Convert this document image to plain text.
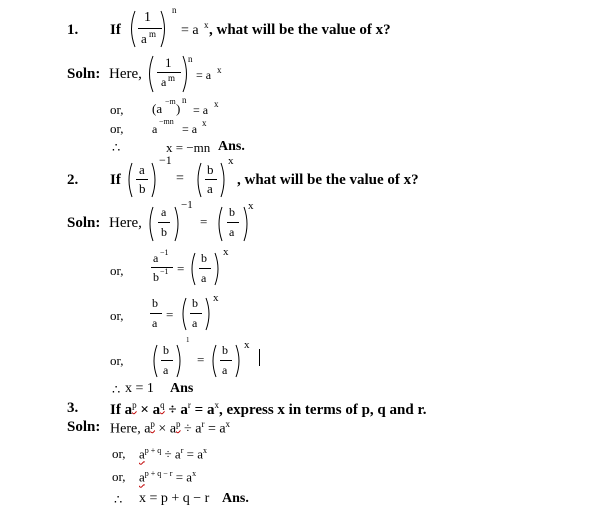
1. If
1
a m
n
= a x , what will be the value of x?
Soln: Here,
1
a m
n
= a x
or, (a −m )
n
= a x
or, a
−mn
= a x
∴	x = −mn Ans.
2. If
a
b
−1
=
b
a
x
, what will be the value of x?
Soln: Here,
a
b
−1
=
b
a
x
or,
a −1
b −1 =
b
a
x
or,
b
a
=
b
a
x
or,
b
a
1
=
b
a
x
∴ x = 1 Ans
3. If $a^p \times a^q \div a^r = a^x$, express x in terms of p, q and r.
Soln: Here, $a^p \times a^p \div a^r = a^x$
or, $a^{p + q} \div a^r = a^x$
or, $a^{p + q - r} = a^x$
∴ x = p + q − r Ans.
